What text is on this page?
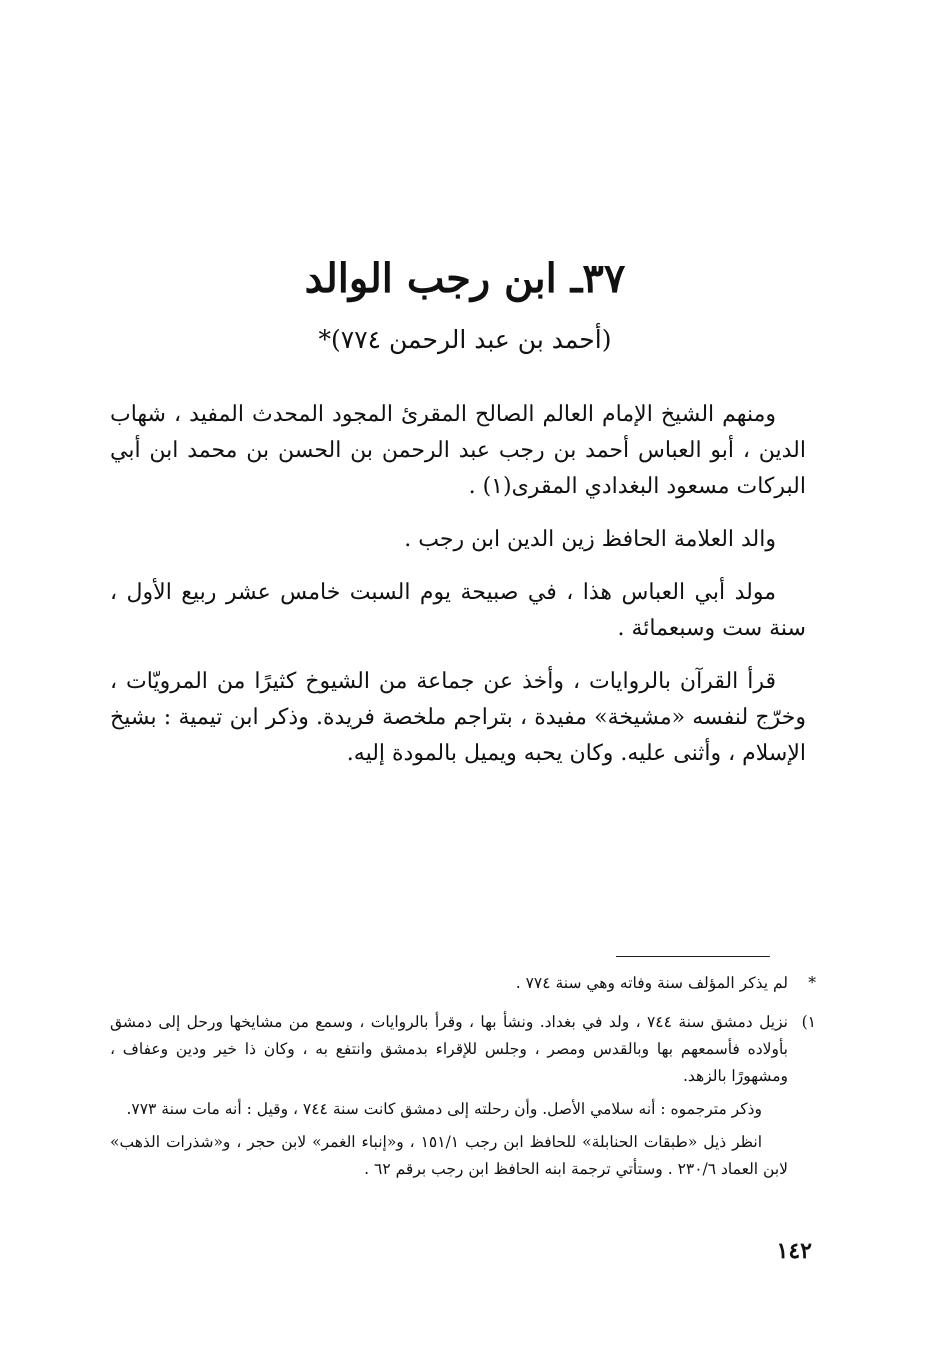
٣٧ـ ابن رجب الوالد
(أحمد بن عبد الرحمن ٧٧٤)*

ومنهم الشيخ الإمام العالم الصالح المقرئ المجود المحدث المفيد ، شهاب الدين ، أبو العباس أحمد بن رجب عبد الرحمن بن الحسن بن محمد ابن أبي البركات مسعود البغدادي المقرى(١) .

والد العلامة الحافظ زين الدين ابن رجب .

مولد أبي العباس هذا ، في صبيحة يوم السبت خامس عشر ربيع الأول ، سنة ست وسبعمائة .

قرأ القرآن بالروايات ، وأخذ عن جماعة من الشيوخ كثيرًا من المرويّات ، وخرّج لنفسه «مشيخة» مفيدة ، بتراجم ملخصة فريدة. وذكر ابن تيمية : بشيخ الإسلام ، وأثنى عليه. وكان يحبه ويميل بالمودة إليه.

*

لم يذكر المؤلف سنة وفاته وهي سنة ٧٧٤ .

١)

نزيل دمشق سنة ٧٤٤ ، ولد في بغداد. ونشأ بها ، وقرأ بالروايات ، وسمع من مشايخها ورحل إلى دمشق بأولاده فأسمعهم بها وبالقدس ومصر ، وجلس للإقراء بدمشق وانتفع به ، وكان ذا خير ودين وعفاف ، ومشهورًا بالزهد.

وذكر مترجموه : أنه سلامي الأصل. وأن رحلته إلى دمشق كانت سنة ٧٤٤ ، وقيل : أنه مات سنة ٧٧٣.

انظر ذيل «طبقات الحنابلة» للحافظ ابن رجب ١٥١/١ ، و«إنباء الغمر» لابن حجر ، و«شذرات الذهب» لابن العماد ٢٣٠/٦ . وستأتي ترجمة ابنه الحافظ ابن رجب برقم ٦٢ .

١٤٢
